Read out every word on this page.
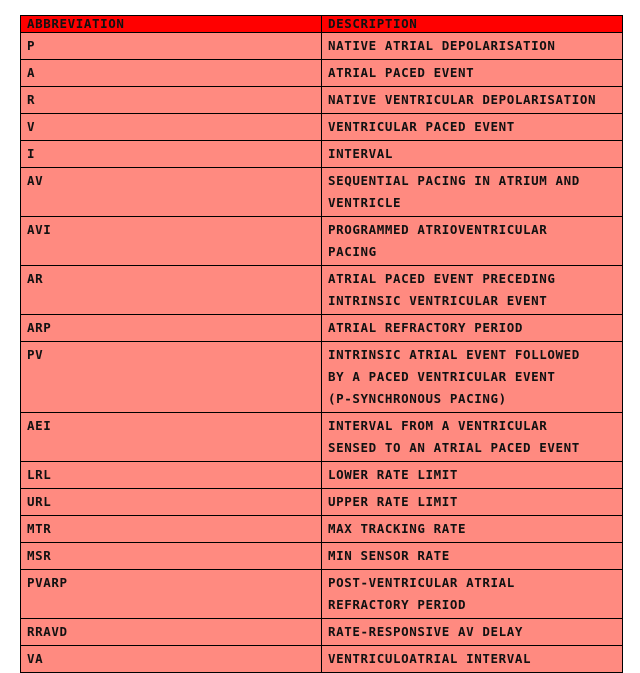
ABBREVIATION	DESCRIPTION
P	NATIVE ATRIAL DEPOLARISATION

A	ATRIAL PACED EVENT

R	NATIVE VENTRICULAR DEPOLARISATION

V	VENTRICULAR PACED EVENT

I	INTERVAL

AV	SEQUENTIAL PACING IN ATRIUM AND
VENTRICLE

AVI	PROGRAMMED ATRIOVENTRICULAR
PACING

AR	ATRIAL PACED EVENT PRECEDING
INTRINSIC VENTRICULAR EVENT

ARP	ATRIAL REFRACTORY PERIOD

PV	INTRINSIC ATRIAL EVENT FOLLOWED
BY A PACED VENTRICULAR EVENT
(P-SYNCHRONOUS PACING)

AEI	INTERVAL FROM A VENTRICULAR
SENSED TO AN ATRIAL PACED EVENT

LRL	LOWER RATE LIMIT

URL	UPPER RATE LIMIT

MTR	MAX TRACKING RATE

MSR	MIN SENSOR RATE

PVARP	POST-VENTRICULAR ATRIAL
REFRACTORY PERIOD

RRAVD	RATE-RESPONSIVE AV DELAY

VA	VENTRICULOATRIAL INTERVAL
